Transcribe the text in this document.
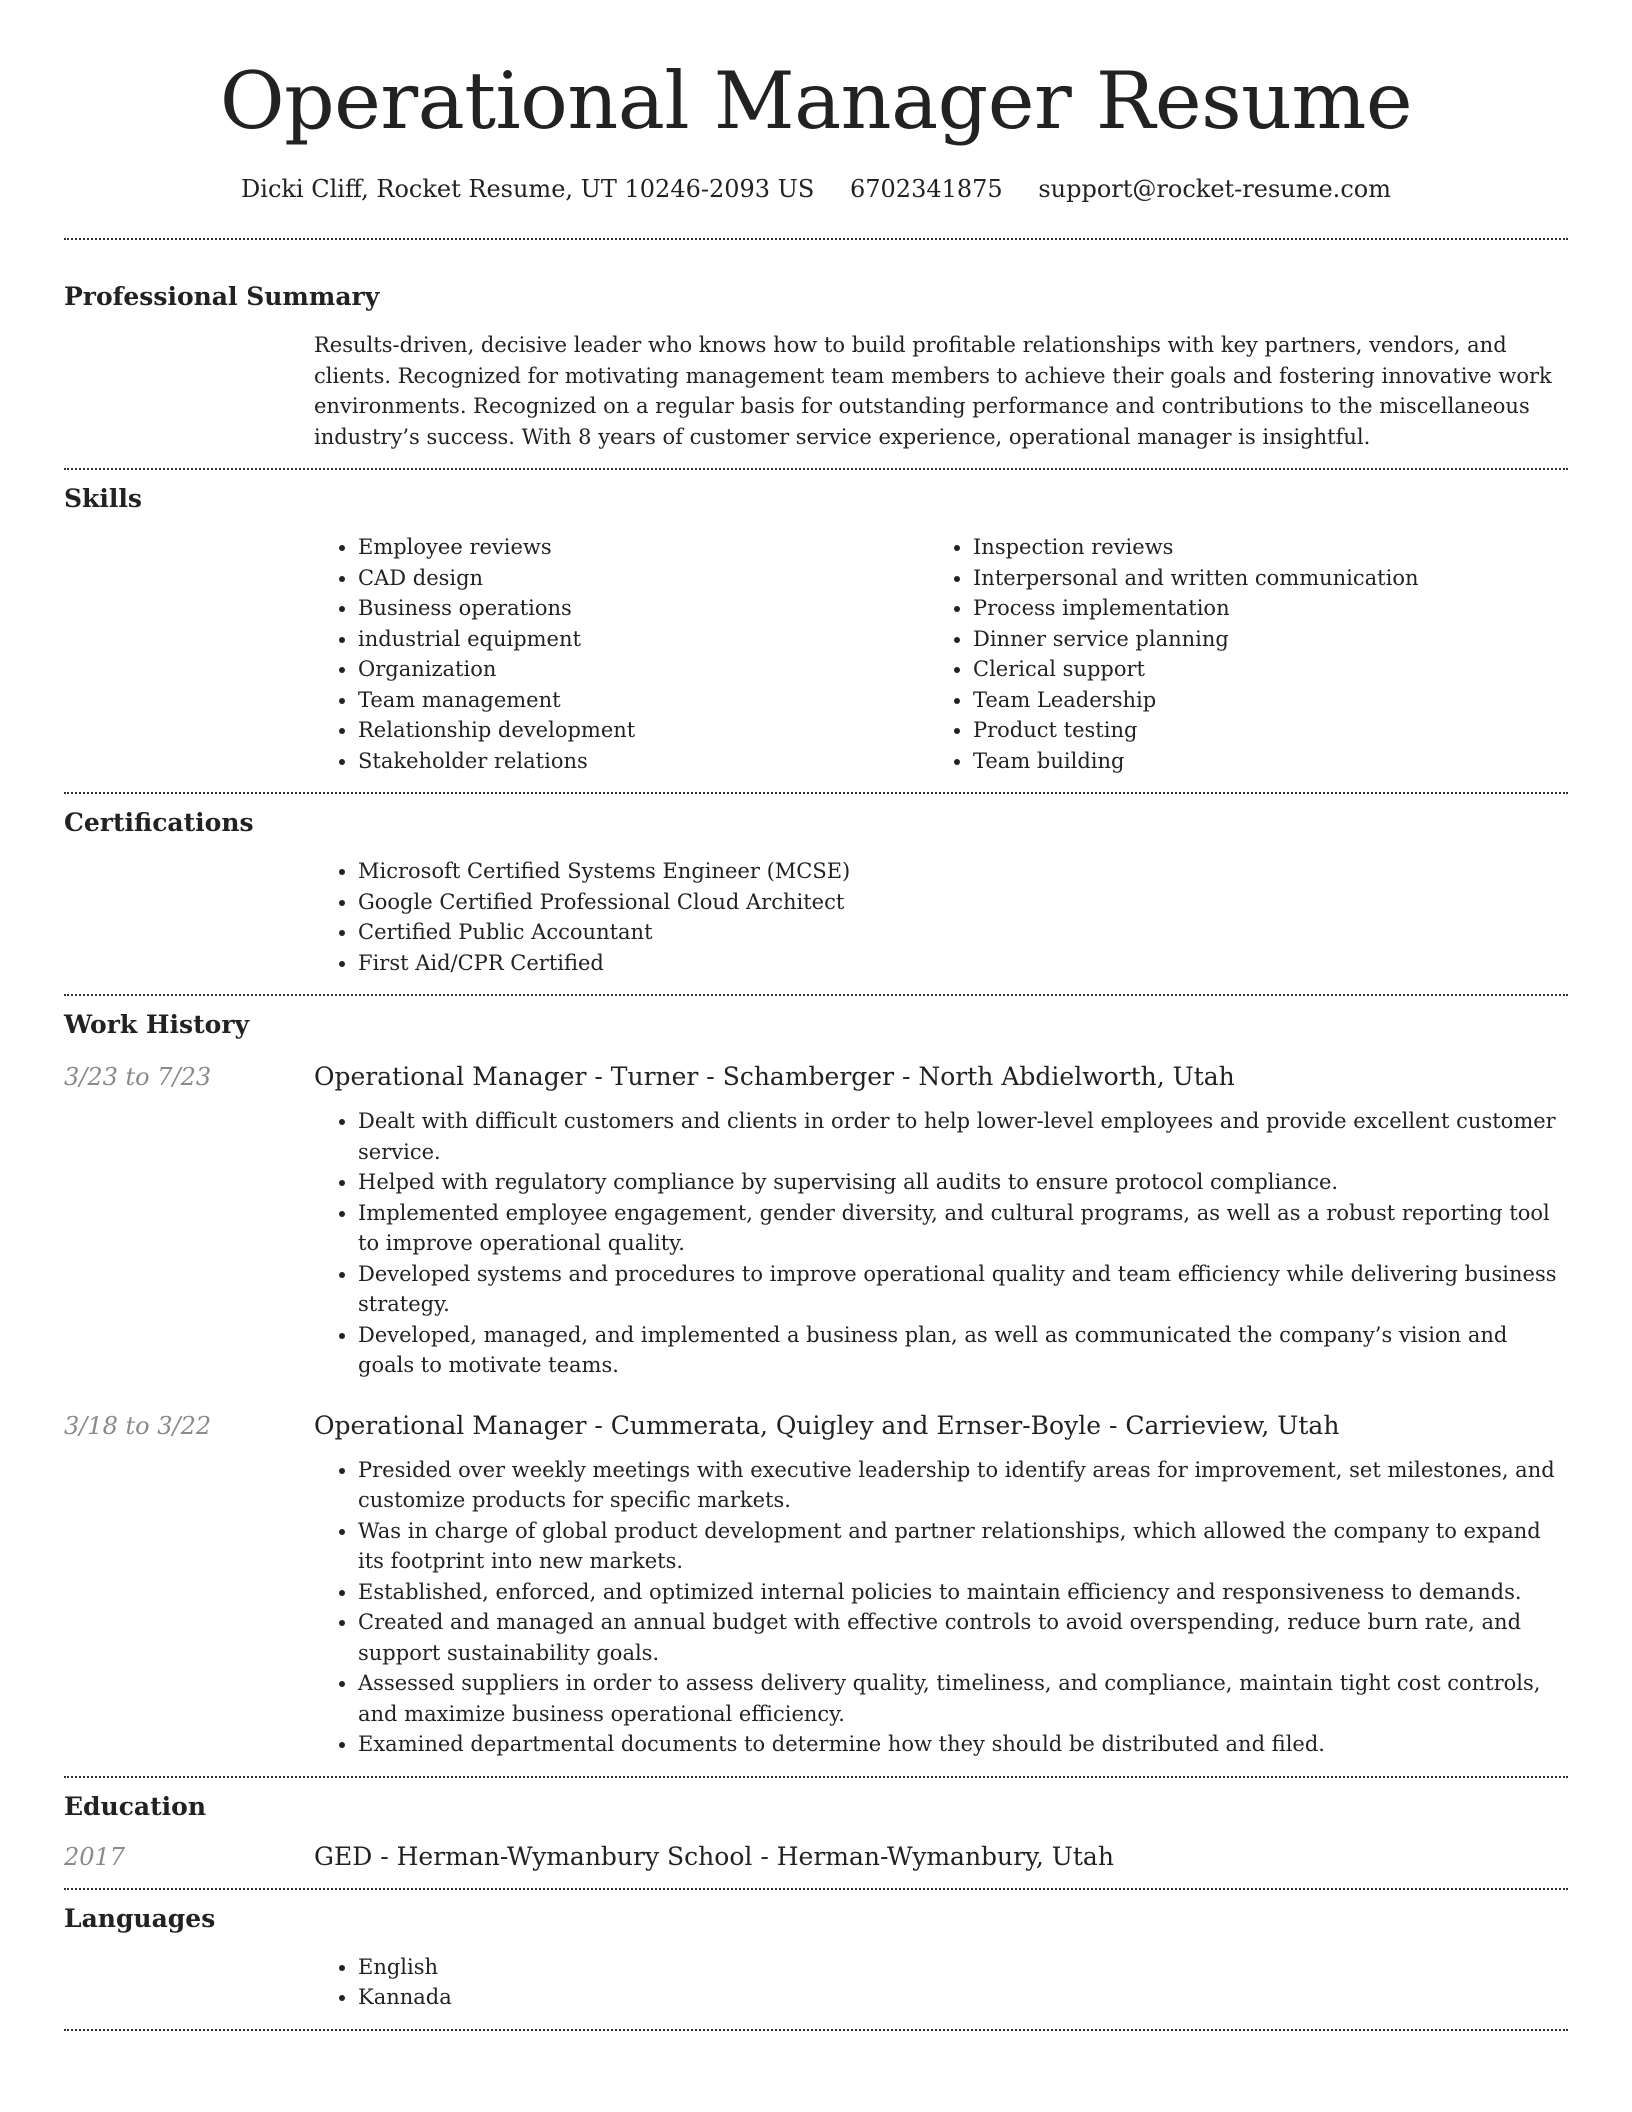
Operational Manager Resume
Dicki Cliff, Rocket Resume, UT 10246-2093 US 6702341875 support@rocket-resume.com
Professional Summary

Results-driven, decisive leader who knows how to build profitable relationships with key partners, vendors, and clients. Recognized for motivating management team members to achieve their goals and fostering innovative work environments. Recognized on a regular basis for outstanding performance and contributions to the miscellaneous industry’s success. With 8 years of customer service experience, operational manager is insightful.

Skills
• Employee reviews
• CAD design
• Business operations
• industrial equipment
• Organization
• Team management
• Relationship development
• Stakeholder relations
• Inspection reviews
• Interpersonal and written communication
• Process implementation
• Dinner service planning
• Clerical support
• Team Leadership
• Product testing
• Team building
Certifications
• Microsoft Certified Systems Engineer (MCSE)
• Google Certified Professional Cloud Architect
• Certified Public Accountant
• First Aid/CPR Certified
Work History
3/23 to 7/23	Operational Manager - Turner - Schamberger - North Abdielworth, Utah
• Dealt with difficult customers and clients in order to help lower-level employees and provide excellent customer service.
• Helped with regulatory compliance by supervising all audits to ensure protocol compliance.
• Implemented employee engagement, gender diversity, and cultural programs, as well as a robust reporting tool to improve operational quality.
• Developed systems and procedures to improve operational quality and team efficiency while delivering business strategy.
• Developed, managed, and implemented a business plan, as well as communicated the company’s vision and goals to motivate teams.
3/18 to 3/22	Operational Manager - Cummerata, Quigley and Ernser-Boyle - Carrieview, Utah
• Presided over weekly meetings with executive leadership to identify areas for improvement, set milestones, and customize products for specific markets.
• Was in charge of global product development and partner relationships, which allowed the company to expand its footprint into new markets.
• Established, enforced, and optimized internal policies to maintain efficiency and responsiveness to demands.
• Created and managed an annual budget with effective controls to avoid overspending, reduce burn rate, and support sustainability goals.
• Assessed suppliers in order to assess delivery quality, timeliness, and compliance, maintain tight cost controls, and maximize business operational efficiency.
• Examined departmental documents to determine how they should be distributed and filed.
Education
2017	GED - Herman-Wymanbury School - Herman-Wymanbury, Utah
Languages
• English
• Kannada
